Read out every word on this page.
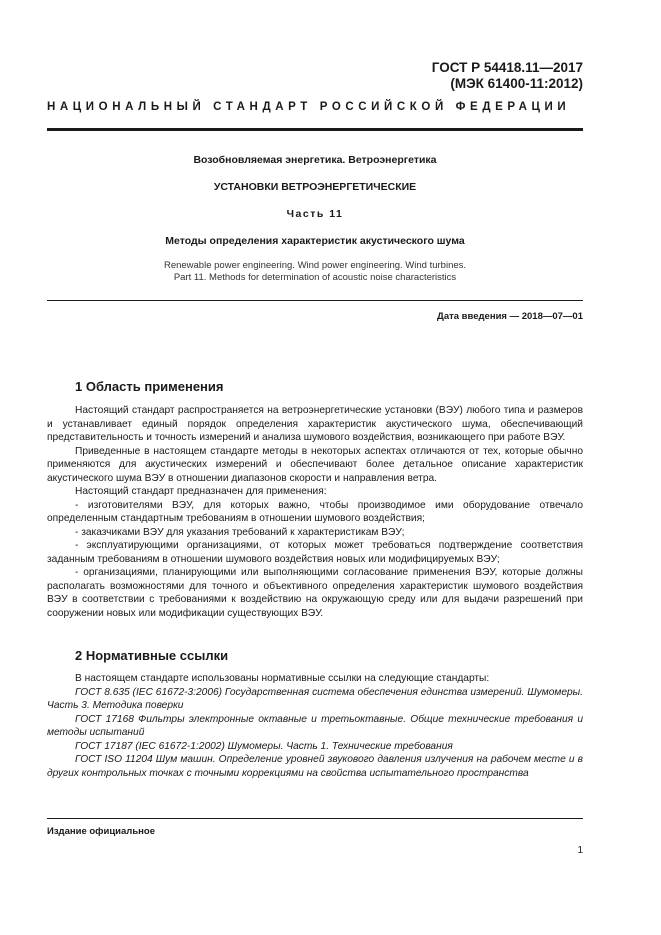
ГОСТ Р 54418.11—2017
(МЭК 61400-11:2012)
НАЦИОНАЛЬНЫЙ СТАНДАРТ РОССИЙСКОЙ ФЕДЕРАЦИИ
Возобновляемая энергетика. Ветроэнергетика
УСТАНОВКИ ВЕТРОЭНЕРГЕТИЧЕСКИЕ
Часть 11
Методы определения характеристик акустического шума
Renewable power engineering. Wind power engineering. Wind turbines.
Part 11. Methods for determination of acoustic noise characteristics
Дата введения — 2018—07—01
1 Область применения

Настоящий стандарт распространяется на ветроэнергетические установки (ВЭУ) любого типа и размеров и устанавливает единый порядок определения характеристик акустического шума, обеспечивающий представительность и точность измерений и анализа шумового воздействия, возникающего при работе ВЭУ.

Приведенные в настоящем стандарте методы в некоторых аспектах отличаются от тех, которые обычно применяются для акустических измерений и обеспечивают более детальное описание характеристик акустического шума ВЭУ в отношении диапазонов скорости и направления ветра.

Настоящий стандарт предназначен для применения:

- изготовителями ВЭУ, для которых важно, чтобы производимое ими оборудование отвечало определенным стандартным требованиям в отношении шумового воздействия;

- заказчиками ВЭУ для указания требований к характеристикам ВЭУ;

- эксплуатирующими организациями, от которых может требоваться подтверждение соответствия заданным требованиям в отношении шумового воздействия новых или модифицируемых ВЭУ;

- организациями, планирующими или выполняющими согласование применения ВЭУ, которые должны располагать возможностями для точного и объективного определения характеристик шумового воздействия ВЭУ в соответствии с требованиями к воздействию на окружающую среду или для выдачи разрешений при сооружении новых или модификации существующих ВЭУ.

2 Нормативные ссылки

В настоящем стандарте использованы нормативные ссылки на следующие стандарты:

ГОСТ 8.635 (IEC 61672-3:2006) Государственная система обеспечения единства измерений. Шумомеры. Часть 3. Методика поверки

ГОСТ 17168 Фильтры электронные октавные и третьоктавные. Общие технические требования и методы испытаний

ГОСТ 17187 (IEC 61672-1:2002) Шумомеры. Часть 1. Технические требования

ГОСТ ISO 11204 Шум машин. Определение уровней звукового давления излучения на рабочем месте и в других контрольных точках с точными коррекциями на свойства испытательного пространства

Издание официальное
1
